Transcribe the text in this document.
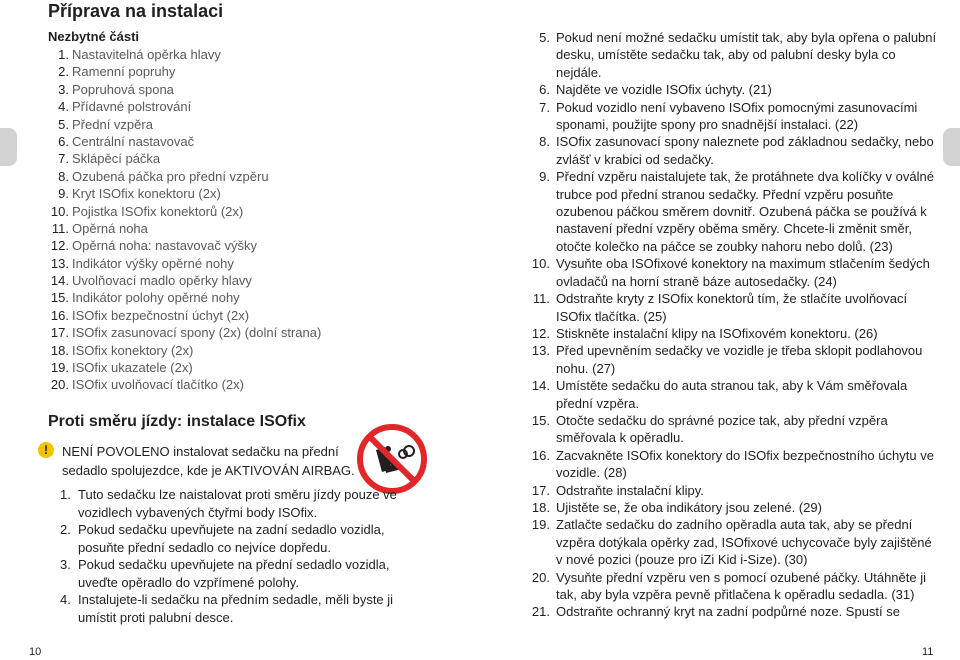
Příprava na instalaci
Nezbytné části
1. Nastavitelná opěrka hlavy
2. Ramenní popruhy
3. Popruhová spona
4. Přídavné polstrování
5. Přední vzpěra
6. Centrální nastavovač
7. Sklápěcí páčka
8. Ozubená páčka pro přední vzpěru
9. Kryt ISOfix konektoru (2x)
10. Pojistka ISOfix konektorů (2x)
11. Opěrná noha
12. Opěrná noha: nastavovač výšky
13. Indikátor výšky opěrné nohy
14. Uvolňovací madlo opěrky hlavy
15. Indikátor polohy opěrné nohy
16. ISOfix bezpečnostní úchyt (2x)
17. ISOfix zasunovací spony (2x) (dolní strana)
18. ISOfix konektory (2x)
19. ISOfix ukazatele (2x)
20. ISOfix uvolňovací tlačítko (2x)
Proti směru jízdy: instalace ISOfix
!	NENÍ POVOLENO instalovat sedačku na přední sedadlo spolujezdce, kde je AKTIVOVÁN AIRBAG.
1. Tuto sedačku lze naistalovat proti směru jízdy pouze ve vozidlech vybavených čtyřmi body ISOfix.
2. Pokud sedačku upevňujete na zadní sedadlo vozidla, posuňte přední sedadlo co nejvíce dopředu.
3. Pokud sedačku upevňujete na přední sedadlo vozidla, uveďte opěradlo do vzpřímené polohy.
4. Instalujete-li sedačku na předním sedadle, měli byste ji umístit proti palubní desce.
5. Pokud není možné sedačku umístit tak, aby byla opřena o palubní desku, umístěte sedačku tak, aby od palubní desky byla co nejdále.
6. Najděte ve vozidle ISOfix úchyty. (21)
7. Pokud vozidlo není vybaveno ISOfix pomocnými zasunovacími sponami, použijte spony pro snadnější instalaci. (22)
8. ISOfix zasunovací spony naleznete pod základnou sedačky, nebo zvlášť v krabici od sedačky.
9. Přední vzpěru naistalujete tak, že protáhnete dva kolíčky v oválné trubce pod přední stranou sedačky. Přední vzpěru posuňte ozubenou páčkou směrem dovnitř. Ozubená páčka se používá k nastavení přední vzpěry oběma směry. Chcete-li změnit směr, otočte kolečko na páčce se zoubky nahoru nebo dolů. (23)
10. Vysuňte oba ISOfixové konektory na maximum stlačením šedých ovladačů na horní straně báze autosedačky. (24)
11. Odstraňte kryty z ISOfix konektorů tím, že stlačíte uvolňovací ISOfix tlačítka. (25)
12. Stiskněte instalační klipy na ISOfixovém konektoru. (26)
13. Před upevněním sedačky ve vozidle je třeba sklopit podlahovou nohu. (27)
14. Umístěte sedačku do auta stranou tak, aby k Vám směřovala přední vzpěra.
15. Otočte sedačku do správné pozice tak, aby přední vzpěra směřovala k opěradlu.
16. Zacvakněte ISOfix konektory do ISOfix bezpečnostního úchytu ve vozidle. (28)
17. Odstraňte instalační klipy.
18. Ujistěte se, že oba indikátory jsou zelené. (29)
19. Zatlačte sedačku do zadního opěradla auta tak, aby se přední vzpěra dotýkala opěrky zad, ISOfixové uchycovače byly zajištěné v nové pozici (pouze pro iZi Kid i-Size). (30)
20. Vysuňte přední vzpěru ven s pomocí ozubené páčky. Utáhněte ji tak, aby byla vzpěra pevně přitlačena k opěradlu sedadla. (31)
21. Odstraňte ochranný kryt na zadní podpůrné noze. Spustí se
10	11
